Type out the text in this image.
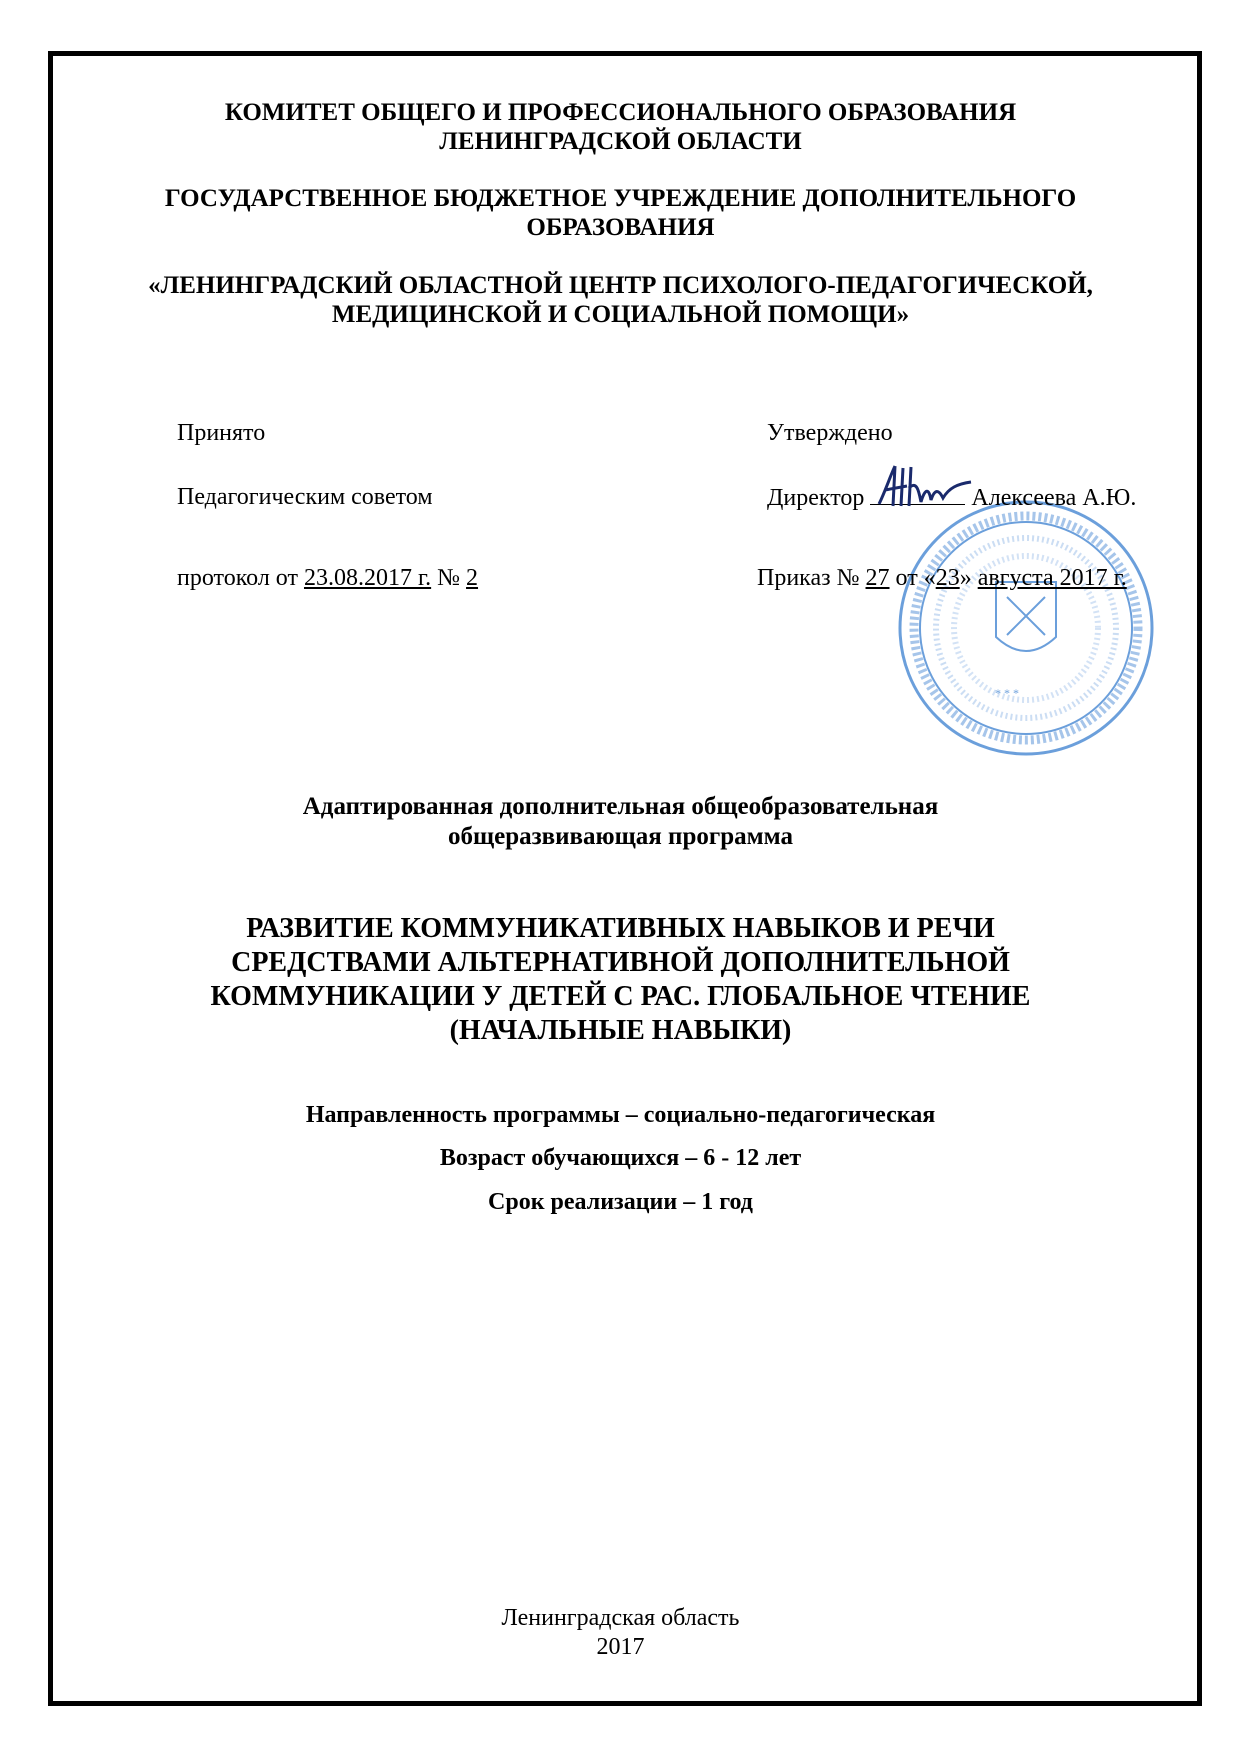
КОМИТЕТ ОБЩЕГО И ПРОФЕССИОНАЛЬНОГО ОБРАЗОВАНИЯ
ЛЕНИНГРАДСКОЙ ОБЛАСТИ
ГОСУДАРСТВЕННОЕ БЮДЖЕТНОЕ УЧРЕЖДЕНИЕ ДОПОЛНИТЕЛЬНОГО
ОБРАЗОВАНИЯ
«ЛЕНИНГРАДСКИЙ ОБЛАСТНОЙ ЦЕНТР ПСИХОЛОГО-ПЕДАГОГИЧЕСКОЙ,
МЕДИЦИНСКОЙ И СОЦИАЛЬНОЙ ПОМОЩИ»
Принято
Педагогическим советом
протокол от 23.08.2017 г. № 2
* * *
Утверждено
Директор	Алексеева А.Ю.
Приказ № 27 от «23» августа 2017 г.
Адаптированная дополнительная общеобразовательная
общеразвивающая программа
РАЗВИТИЕ КОММУНИКАТИВНЫХ НАВЫКОВ И РЕЧИ
СРЕДСТВАМИ АЛЬТЕРНАТИВНОЙ ДОПОЛНИТЕЛЬНОЙ
КОММУНИКАЦИИ У ДЕТЕЙ С РАС. ГЛОБАЛЬНОЕ ЧТЕНИЕ
(НАЧАЛЬНЫЕ НАВЫКИ)
Направленность программы – социально-педагогическая
Возраст обучающихся – 6 - 12 лет
Срок реализации – 1 год
Ленинградская область
2017
